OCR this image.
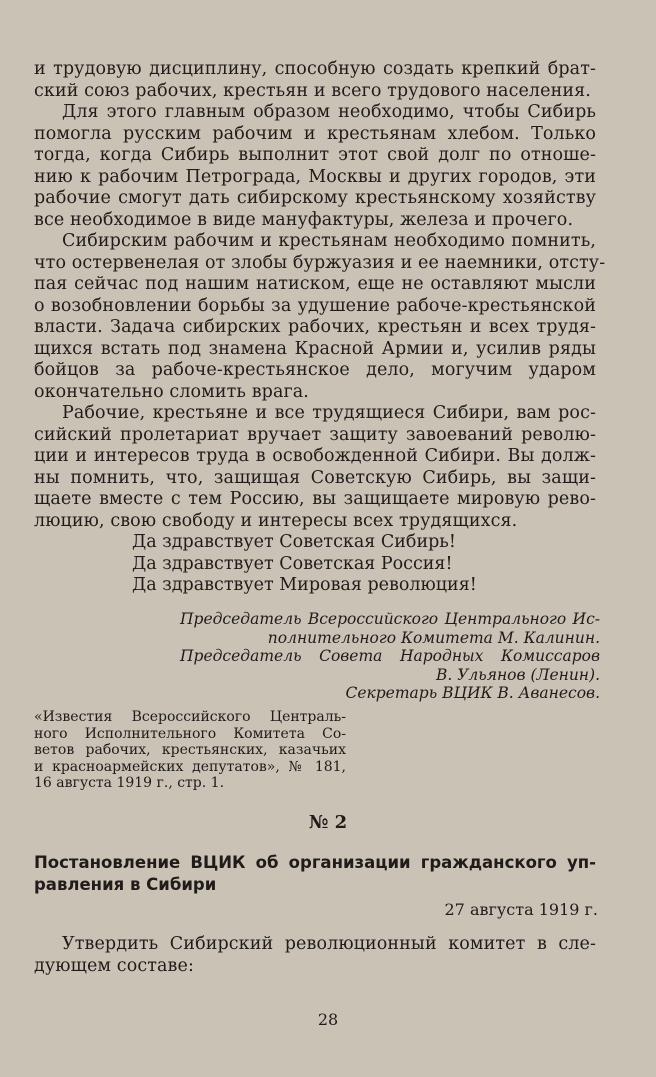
и трудовую дисциплину, способную создать крепкий брат-
ский союз рабочих, крестьян и всего трудового населения.
Для этого главным образом необходимо, чтобы Сибирь
помогла русским рабочим и крестьянам хлебом. Только
тогда, когда Сибирь выполнит этот свой долг по отноше-
нию к рабочим Петрограда, Москвы и других городов, эти
рабочие смогут дать сибирскому крестьянскому хозяйству
все необходимое в виде мануфактуры, железа и прочего.
Сибирским рабочим и крестьянам необходимо помнить,
что остервенелая от злобы буржуазия и ее наемники, отсту-
пая сейчас под нашим натиском, еще не оставляют мысли
о возобновлении борьбы за удушение рабоче-крестьянской
власти. Задача сибирских рабочих, крестьян и всех трудя-
щихся встать под знамена Красной Армии и, усилив ряды
бойцов за рабоче-крестьянское дело, могучим ударом
окончательно сломить врага.
Рабочие, крестьяне и все трудящиеся Сибири, вам рос-
сийский пролетариат вручает защиту завоеваний револю-
ции и интересов труда в освобожденной Сибири. Вы долж-
ны помнить, что, защищая Советскую Сибирь, вы защи-
щаете вместе с тем Россию, вы защищаете мировую рево-
люцию, свою свободу и интересы всех трудящихся.
Да здравствует Советская Сибирь!
Да здравствует Советская Россия!
Да здравствует Мировая революция!
Председатель Всероссийского Центрального Ис-
полнительного Комитета М. Калинин.
Председатель Совета Народных Комиссаров
В. Ульянов (Ленин).
Секретарь ВЦИК В. Аванесов.
«Известия Всероссийского Централь-
ного Исполнительного Комитета Со-
ветов рабочих, крестьянских, казачьих
и красноармейских депутатов», № 181,
16 августа 1919 г., стр. 1.
№ 2
Постановление ВЦИК об организации гражданского уп-
равления в Сибири
27 августа 1919 г.
Утвердить Сибирский революционный комитет в сле-
дующем составе:
28
